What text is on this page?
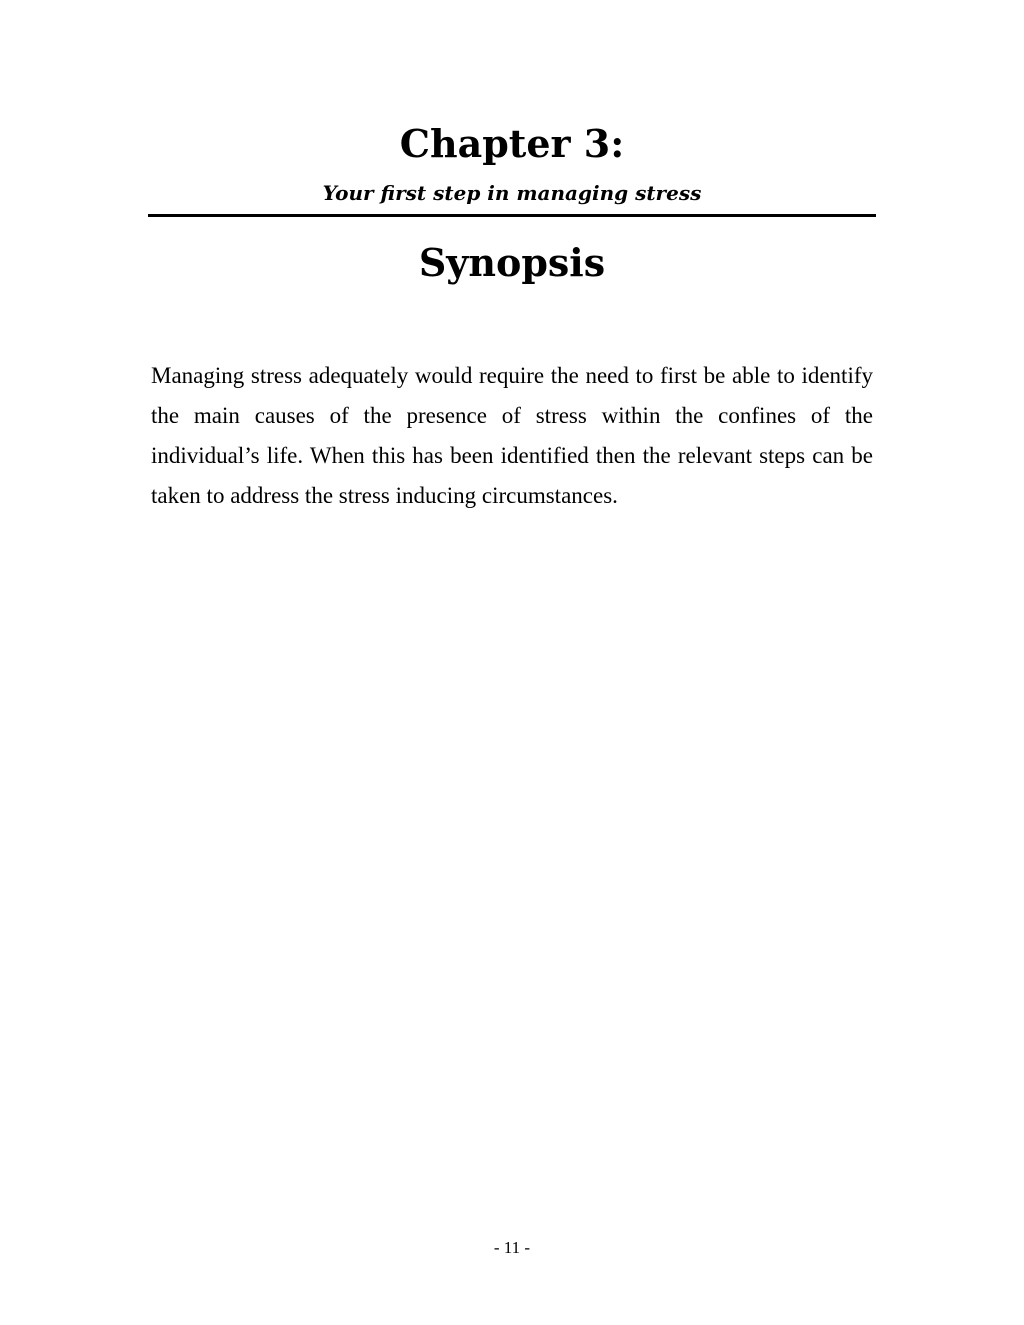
Chapter 3:
Your first step in managing stress
Synopsis

Managing stress adequately would require the need to first be able to identify the main causes of the presence of stress within the confines of the individual’s life. When this has been identified then the relevant steps can be taken to address the stress inducing circumstances.

- 11 -
